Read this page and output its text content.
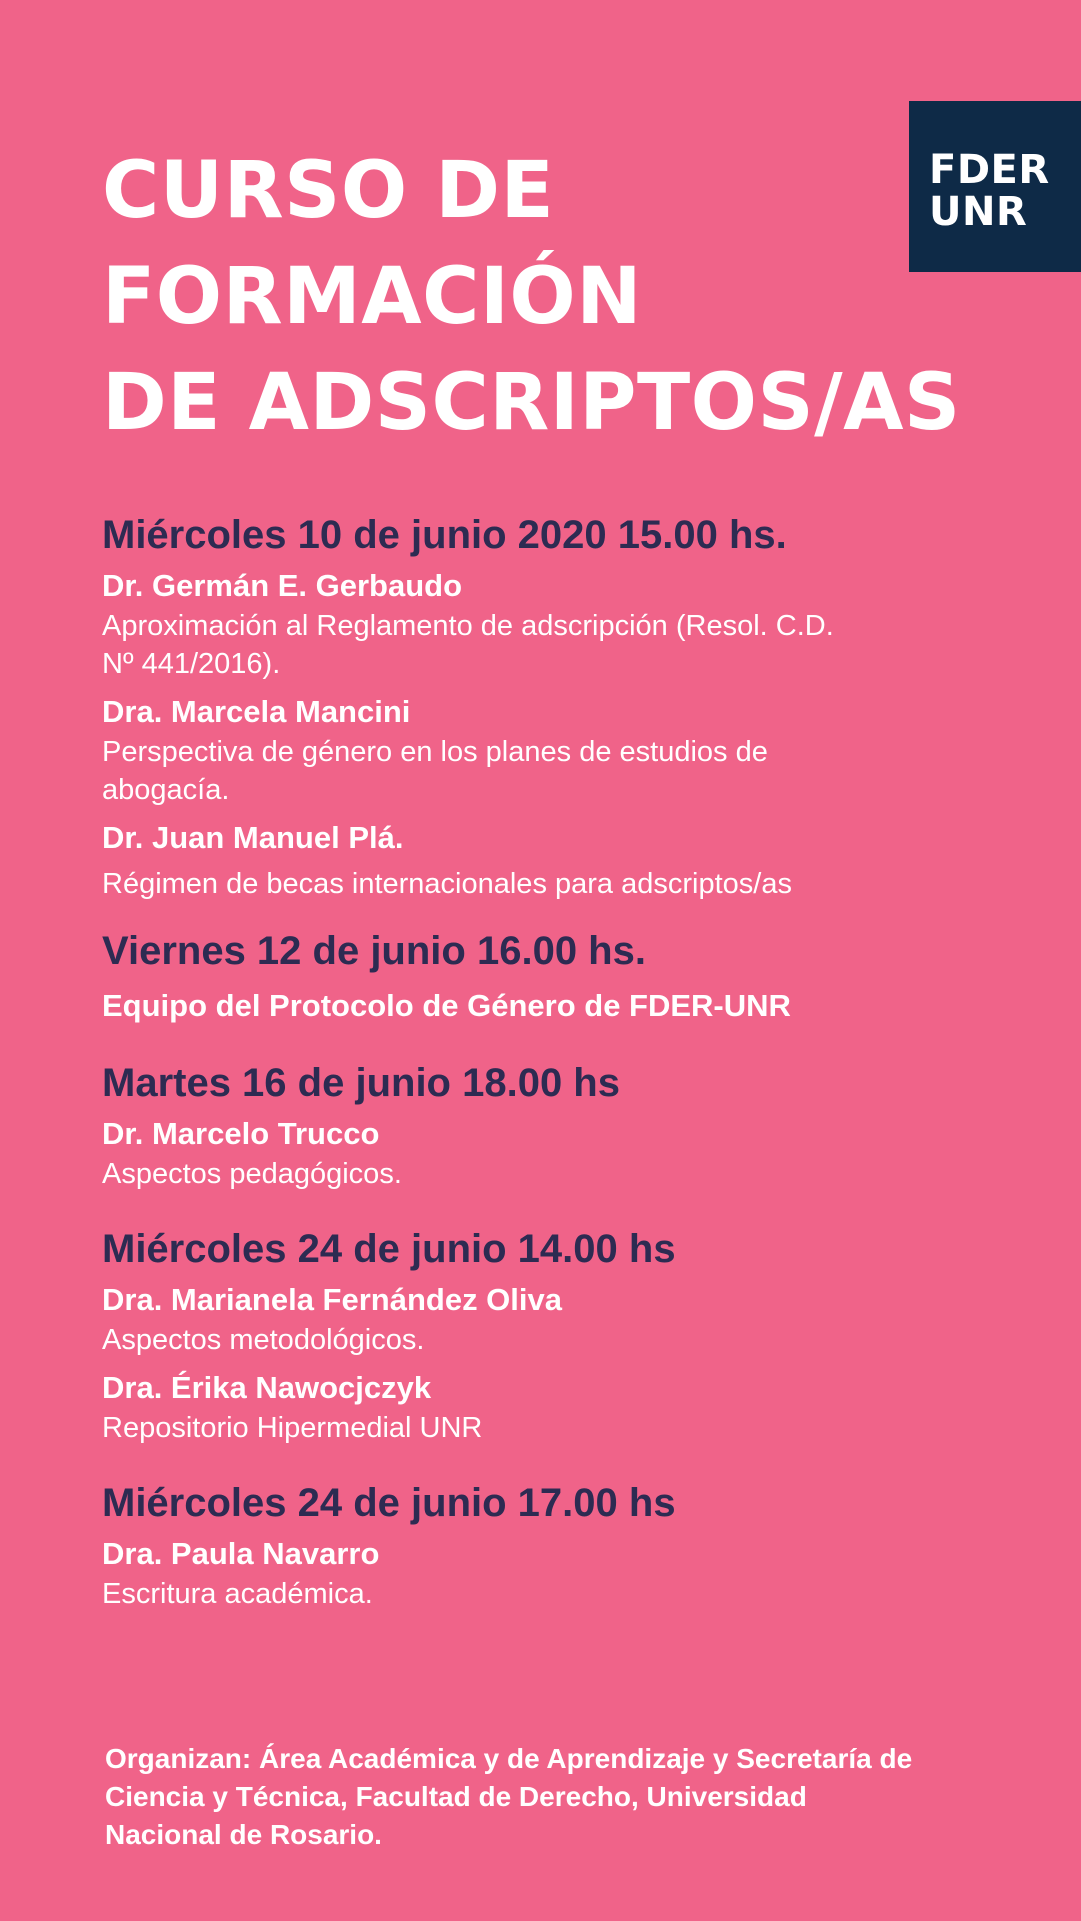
FDER
UNR
CURSO DE
FORMACIÓN
DE ADSCRIPTOS/AS
Miércoles 10 de junio 2020 15.00 hs.
Dr. Germán E. Gerbaudo
Aproximación al Reglamento de adscripción (Resol. C.D.
Nº 441/2016).
Dra. Marcela Mancini
Perspectiva de género en los planes de estudios de
abogacía.
Dr. Juan Manuel Plá.
Régimen de becas internacionales para adscriptos/as
Viernes 12 de junio 16.00 hs.
Equipo del Protocolo de Género de FDER-UNR
Martes 16 de junio 18.00 hs
Dr. Marcelo Trucco
Aspectos pedagógicos.
Miércoles 24 de junio 14.00 hs
Dra. Marianela Fernández Oliva
Aspectos metodológicos.
Dra. Érika Nawocjczyk
Repositorio Hipermedial UNR
Miércoles 24 de junio 17.00 hs
Dra. Paula Navarro
Escritura académica.
Organizan: Área Académica y de Aprendizaje y Secretaría de
Ciencia y Técnica, Facultad de Derecho, Universidad
Nacional de Rosario.
